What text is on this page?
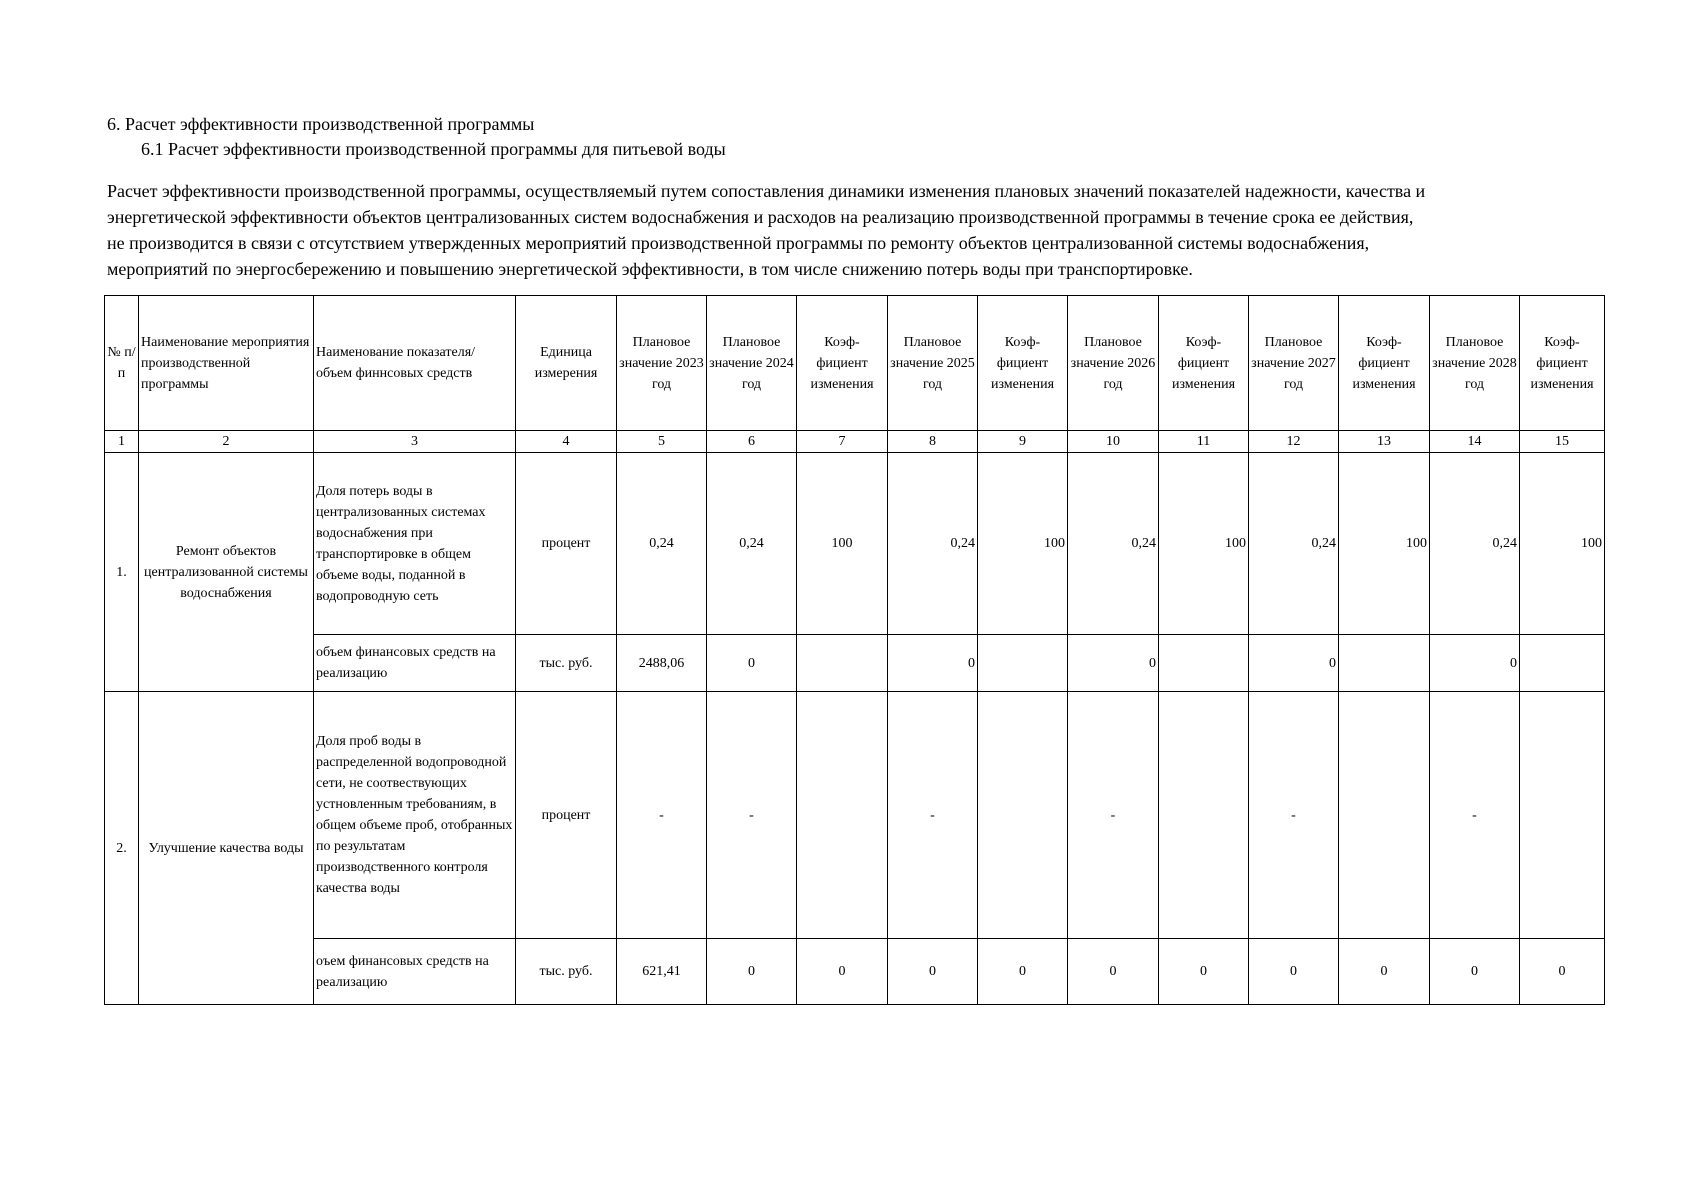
6. Расчет эффективности производственной программы
6.1 Расчет эффективности производственной программы для питьевой воды
Расчет эффективности производственной программы, осуществляемый путем сопоставления динамики изменения плановых значений показателей надежности, качества и
энергетической эффективности объектов централизованных систем водоснабжения и расходов на реализацию производственной программы в течение срока ее действия,
не производится в связи с отсутствием утвержденных мероприятий производственной программы по ремонту объектов централизованной системы водоснабжения,
мероприятий по энергосбережению и повышению энергетической эффективности, в том числе снижению потерь воды при транспортировке.
№ п/п	Наименование мероприятия производственной программы	Наименование показателя/ объем финнсовых средств	Единица измерения	Плановое значение 2023 год	Плановое значение 2024 год	Коэф-фициент изменения	Плановое значение 2025 год	Коэф-фициент изменения	Плановое значение 2026 год	Коэф-фициент изменения	Плановое значение 2027 год	Коэф-фициент изменения	Плановое значение 2028 год	Коэф-фициент изменения
1	2	3	4	5	6	7	8	9	10	11	12	13	14	15
1.	Ремонт объектов централизованной системы водоснабжения	Доля потерь воды в централизованных системах водоснабжения при транспортировке в общем объеме воды, поданной в водопроводную сеть	процент	0,24	0,24	100	0,24	100	0,24	100	0,24	100	0,24	100
		объем финансовых средств на реализацию	тыс. руб.	2488,06	0		0		0		0		0	
2.	Улучшение качества воды	Доля проб воды в распределенной водопроводной сети, не соотвествующих устновленным требованиям, в общем объеме проб, отобранных по результатам производственного контроля качества воды	процент	-	-		-		-		-		-	
		оъем финансовых средств на реализацию	тыс. руб.	621,41	0	0	0	0	0	0	0	0	0	0
